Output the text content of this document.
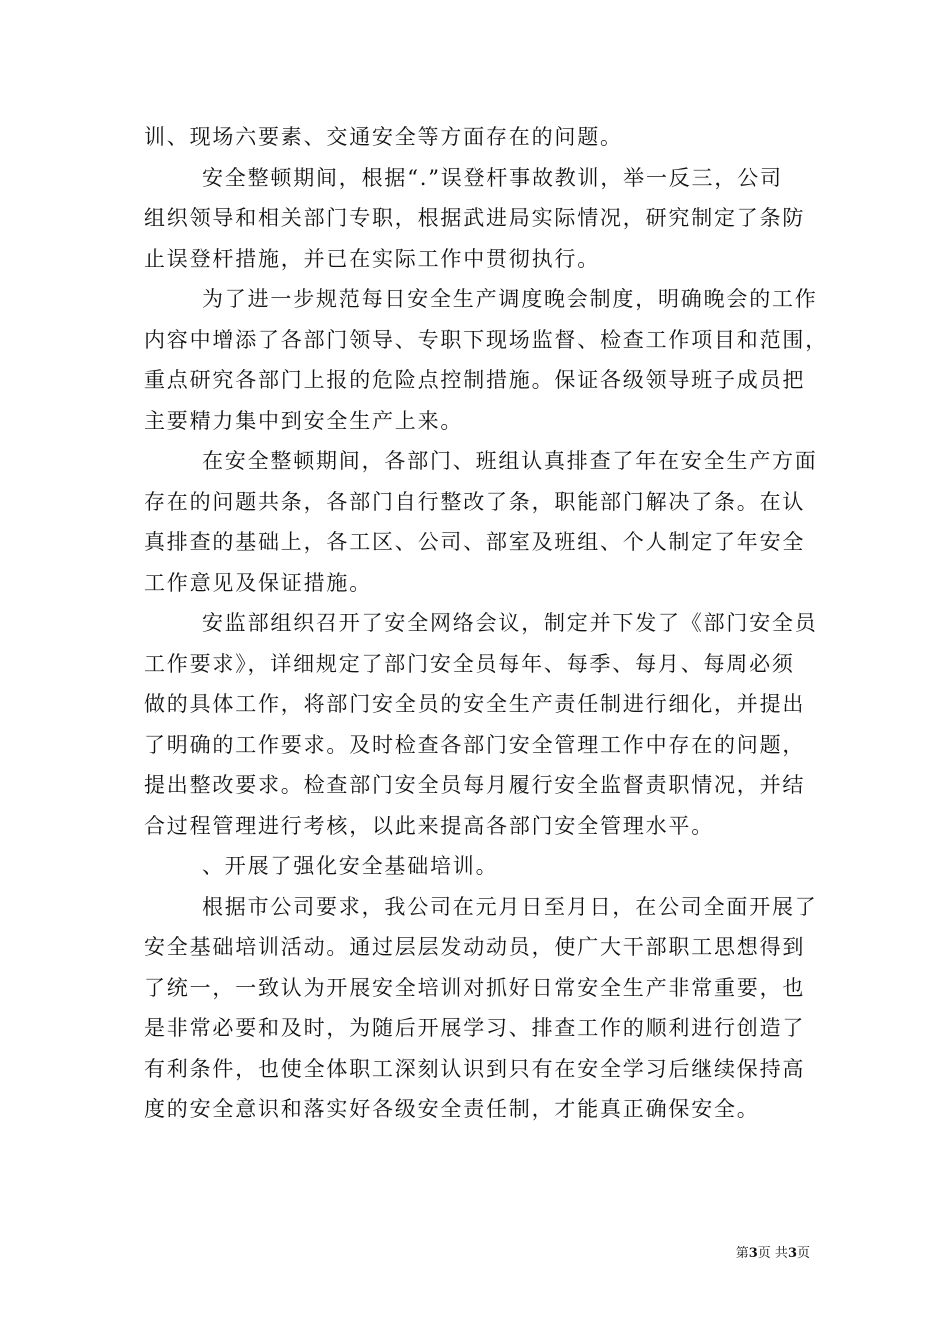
训、现场六要素、交通安全等方面存在的问题。
安全整顿期间，根据“.”误登杆事故教训，举一反三，公司
组织领导和相关部门专职，根据武进局实际情况，研究制定了条防
止误登杆措施，并已在实际工作中贯彻执行。
为了进一步规范每日安全生产调度晚会制度，明确晚会的工作
内容中增添了各部门领导、专职下现场监督、检查工作项目和范围，
重点研究各部门上报的危险点控制措施。保证各级领导班子成员把
主要精力集中到安全生产上来。
在安全整顿期间，各部门、班组认真排查了年在安全生产方面
存在的问题共条，各部门自行整改了条，职能部门解决了条。在认
真排查的基础上，各工区、公司、部室及班组、个人制定了年安全
工作意见及保证措施。
安监部组织召开了安全网络会议，制定并下发了《部门安全员
工作要求》，详细规定了部门安全员每年、每季、每月、每周必须
做的具体工作，将部门安全员的安全生产责任制进行细化，并提出
了明确的工作要求。及时检查各部门安全管理工作中存在的问题，
提出整改要求。检查部门安全员每月履行安全监督责职情况，并结
合过程管理进行考核，以此来提高各部门安全管理水平。
、开展了强化安全基础培训。
根据市公司要求，我公司在元月日至月日，在公司全面开展了
安全基础培训活动。通过层层发动动员，使广大干部职工思想得到
了统一，一致认为开展安全培训对抓好日常安全生产非常重要，也
是非常必要和及时，为随后开展学习、排查工作的顺利进行创造了
有利条件，也使全体职工深刻认识到只有在安全学习后继续保持高
度的安全意识和落实好各级安全责任制，才能真正确保安全。
第3页 共3页
